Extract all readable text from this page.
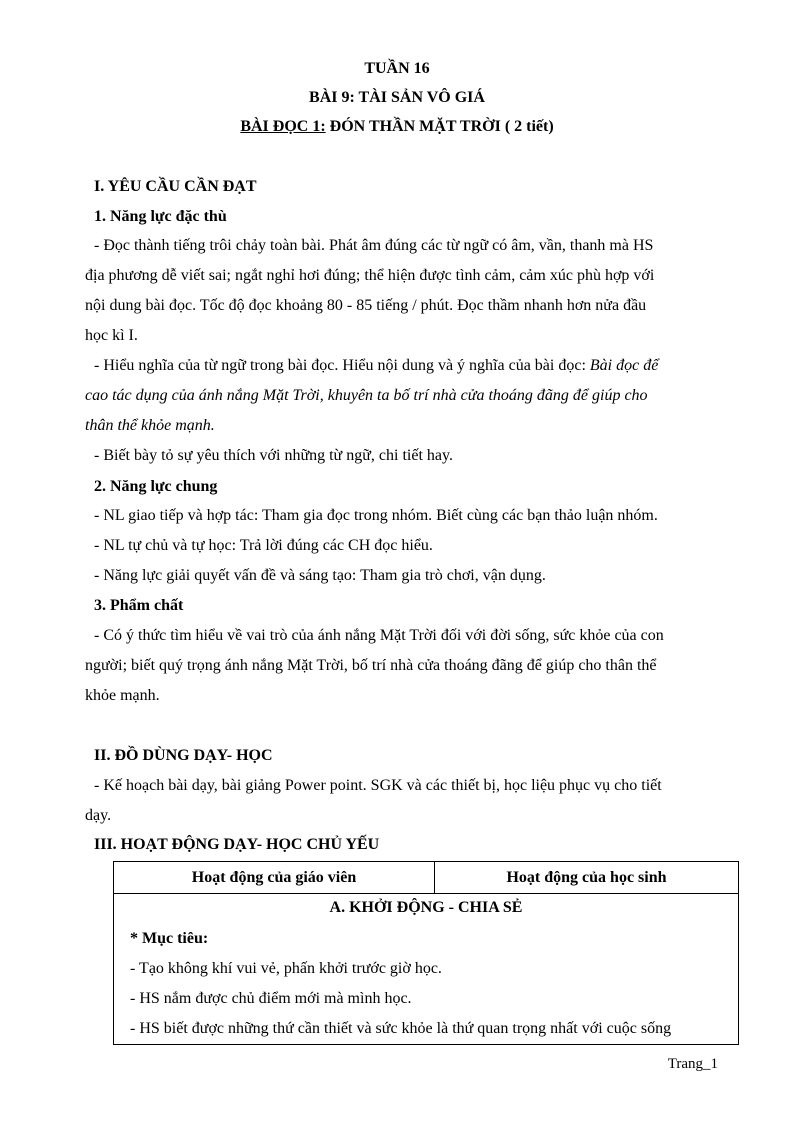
TUẦN 16
BÀI 9: TÀI SẢN VÔ GIÁ
BÀI ĐỌC 1: ĐÓN THẦN MẶT TRỜI ( 2 tiết)
I. YÊU CẦU CẦN ĐẠT
1. Năng lực đặc thù
- Đọc thành tiếng trôi chảy toàn bài. Phát âm đúng các từ ngữ có âm, vần, thanh mà HS
địa phương dễ viết sai; ngắt nghỉ hơi đúng; thể hiện được tình cảm, cảm xúc phù hợp với
nội dung bài đọc. Tốc độ đọc khoảng 80 - 85 tiếng / phút. Đọc thầm nhanh hơn nửa đầu
học kì I.
- Hiểu nghĩa của từ ngữ trong bài đọc. Hiểu nội dung và ý nghĩa của bài đọc: Bài đọc để
cao tác dụng của ánh nắng Mặt Trời, khuyên ta bố trí nhà cửa thoáng đãng để giúp cho
thân thể khỏe mạnh.
- Biết bày tỏ sự yêu thích với những từ ngữ, chi tiết hay.
2. Năng lực chung
- NL giao tiếp và hợp tác: Tham gia đọc trong nhóm. Biết cùng các bạn thảo luận nhóm.
- NL tự chủ và tự học: Trả lời đúng các CH đọc hiểu.
- Năng lực giải quyết vấn đề và sáng tạo: Tham gia trò chơi, vận dụng.
3. Phẩm chất
- Có ý thức tìm hiểu về vai trò của ánh nắng Mặt Trời đối với đời sống, sức khỏe của con
người; biết quý trọng ánh nắng Mặt Trời, bố trí nhà cửa thoáng đãng để giúp cho thân thể
khỏe mạnh.
II. ĐỒ DÙNG DẠY- HỌC
- Kế hoạch bài dạy, bài giảng Power point. SGK và các thiết bị, học liệu phục vụ cho tiết
dạy.
III. HOẠT ĐỘNG DẠY- HỌC CHỦ YẾU
Hoạt động của giáo viên	Hoạt động của học sinh

A. KHỞI ĐỘNG - CHIA SẺ
* Mục tiêu:
- Tạo không khí vui vẻ, phấn khởi trước giờ học.
- HS nắm được chủ điểm mới mà mình học.
- HS biết được những thứ cần thiết và sức khỏe là thứ quan trọng nhất với cuộc sống
Trang_1
